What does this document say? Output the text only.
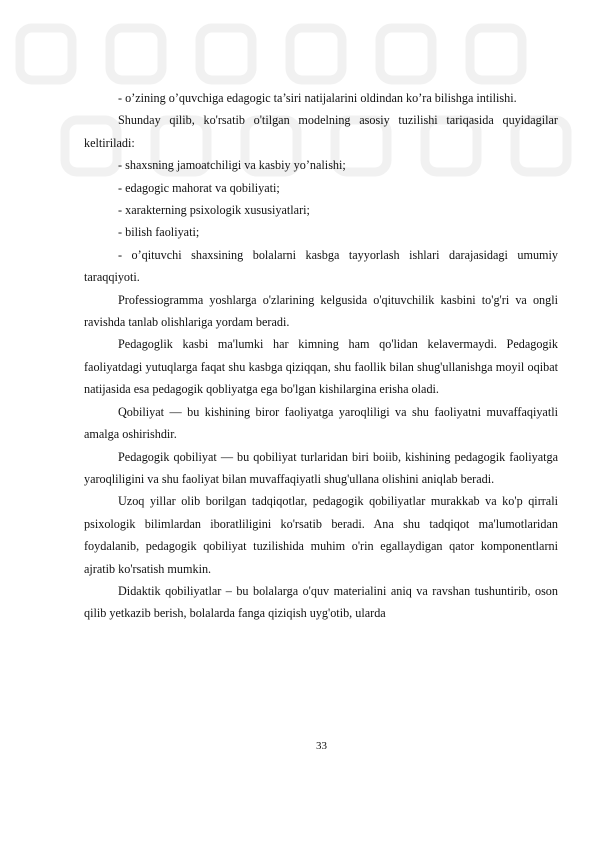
- o’zining o’quvchiga edagogic ta’siri natijalarini oldindan ko’ra bilishga intilishi.

Shunday qilib, ko'rsatib o'tilgan modelning asosiy tuzilishi tariqasida quyidagilar keltiriladi:

- shaxsning jamoatchiligi va kasbiy yo’nalishi;

- edagogic mahorat va qobiliyati;

- xarakterning psixologik xususiyatlari;

- bilish faoliyati;

- o’qituvchi shaxsining bolalarni kasbga tayyorlash ishlari darajasidagi umumiy taraqqiyoti.

Professiogramma yoshlarga o'zlarining kelgusida o'qituvchilik kasbini to'g'ri va ongli ravishda tanlab olishlariga yordam beradi.

Pedagoglik kasbi ma'lumki har kimning ham qo'lidan kelavermaydi. Pedagogik faoliyatdagi yutuqlarga faqat shu kasbga qiziqqan, shu faollik bilan shug'ullanishga moyil oqibat natijasida esa pedagogik qobliyatga ega bo'lgan kishilargina erisha oladi.

Qobiliyat — bu kishining biror faoliyatga yaroqliligi va shu faoliyatni muvaffaqiyatli amalga oshirishdir.

Pedagogik qobiliyat — bu qobiliyat turlaridan biri boiib, kishining pedagogik faoliyatga yaroqliligini va shu faoliyat bilan muvaffaqiyatli shug'ullana olishini aniqlab beradi.

Uzoq yillar olib borilgan tadqiqotlar, pedagogik qobiliyatlar murakkab va ko'p qirrali psixologik bilimlardan iboratliligini ko'rsatib beradi. Ana shu tadqiqot ma'lumotlaridan foydalanib, pedagogik qobiliyat tuzilishida muhim o'rin egallaydigan qator komponentlarni ajratib ko'rsatish mumkin.

Didaktik qobiliyatlar – bu bolalarga o'quv materialini aniq va ravshan tushuntirib, oson qilib yetkazib berish, bolalarda fanga qiziqish uyg'otib, ularda

33
